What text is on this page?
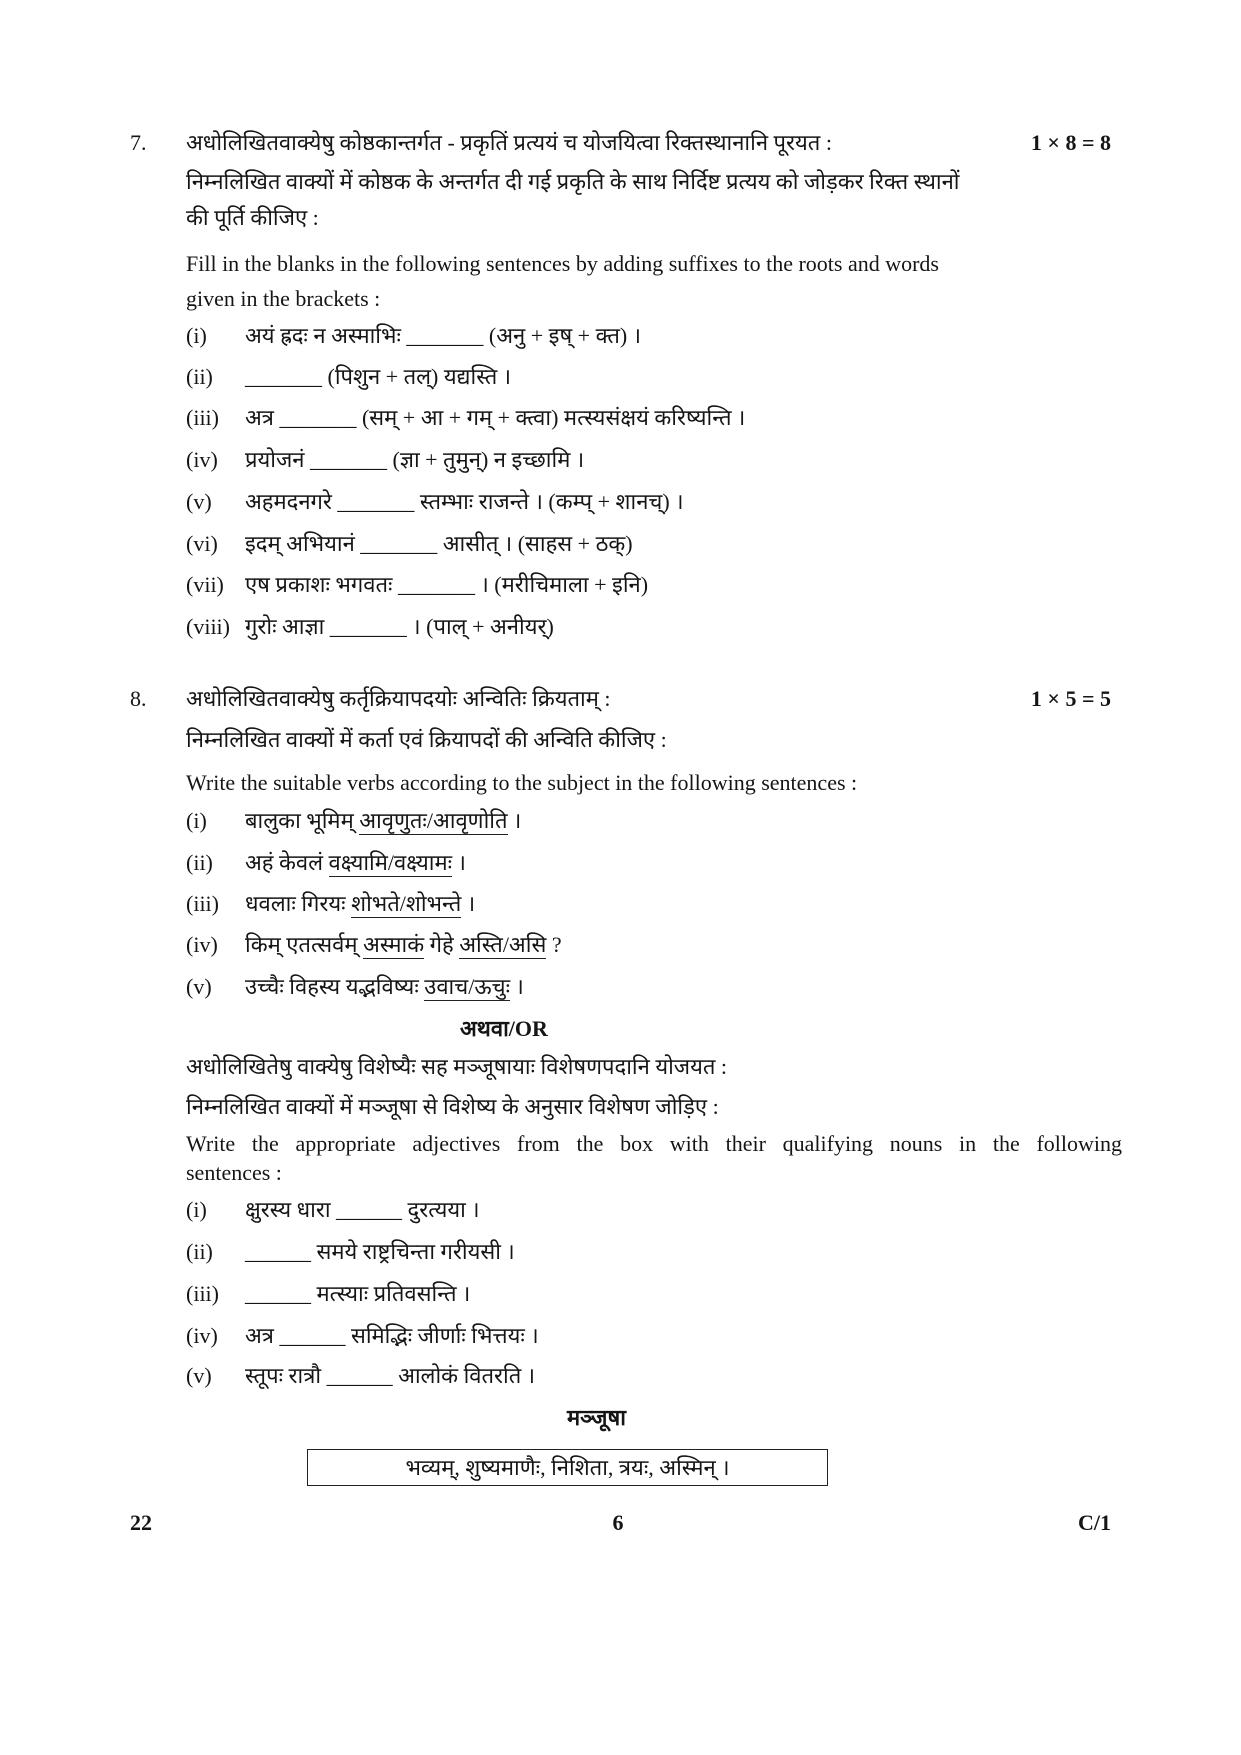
7. अधोलिखितवाक्येषु कोष्ठकान्तर्गत - प्रकृतिं प्रत्ययं च योजयित्वा रिक्तस्थानानि पूरयत :	1 × 8 = 8
निम्नलिखित वाक्यों में कोष्ठक के अन्तर्गत दी गई प्रकृति के साथ निर्दिष्ट प्रत्यय को जोड़कर रिक्त स्थानों
की पूर्ति कीजिए :
Fill in the blanks in the following sentences by adding suffixes to the roots and words
given in the brackets :
(i) अयं ह्रदः न अस्माभिः _______ (अनु + इष् + क्त) ।
(ii) _______ (पिशुन + तल्) यद्यस्ति ।
(iii) अत्र _______ (सम् + आ + गम् + क्त्वा) मत्स्यसंक्षयं करिष्यन्ति ।
(iv) प्रयोजनं _______ (ज्ञा + तुमुन्) न इच्छामि ।
(v) अहमदनगरे _______ स्तम्भाः राजन्ते । (कम्प् + शानच्) ।
(vi) इदम् अभियानं _______ आसीत् । (साहस + ठक्)
(vii) एष प्रकाशः भगवतः _______ । (मरीचिमाला + इनि)
(viii) गुरोः आज्ञा _______ । (पाल् + अनीयर्)
8. अधोलिखितवाक्येषु कर्तृक्रियापदयोः अन्वितिः क्रियताम् :	1 × 5 = 5
निम्नलिखित वाक्यों में कर्ता एवं क्रियापदों की अन्विति कीजिए :
Write the suitable verbs according to the subject in the following sentences :
(i) बालुका भूमिम् आवृणुतः/आवृणोति ।
(ii) अहं केवलं वक्ष्यामि/वक्ष्यामः ।
(iii) धवलाः गिरयः शोभते/शोभन्ते ।
(iv) किम् एतत्सर्वम् अस्माकं गेहे अस्ति/असि ?
(v) उच्चैः विहस्य यद्भविष्यः उवाच/ऊचुः ।
अथवा/OR
अधोलिखितेषु वाक्येषु विशेष्यैः सह मञ्जूषायाः विशेषणपदानि योजयत :
निम्नलिखित वाक्यों में मञ्जूषा से विशेष्य के अनुसार विशेषण जोड़िए :
Write the appropriate adjectives from the box with their qualifying nouns in the following
sentences :
(i) क्षुरस्य धारा ______ दुरत्यया ।
(ii) ______ समये राष्ट्रचिन्ता गरीयसी ।
(iii) ______ मत्स्याः प्रतिवसन्ति ।
(iv) अत्र ______ समिद्भिः जीर्णाः भित्तयः ।
(v) स्तूपः रात्रौ ______ आलोकं वितरति ।
मञ्जूषा
भव्यम्, शुष्यमाणैः, निशिता, त्रयः, अस्मिन् ।
22	6	C/1
